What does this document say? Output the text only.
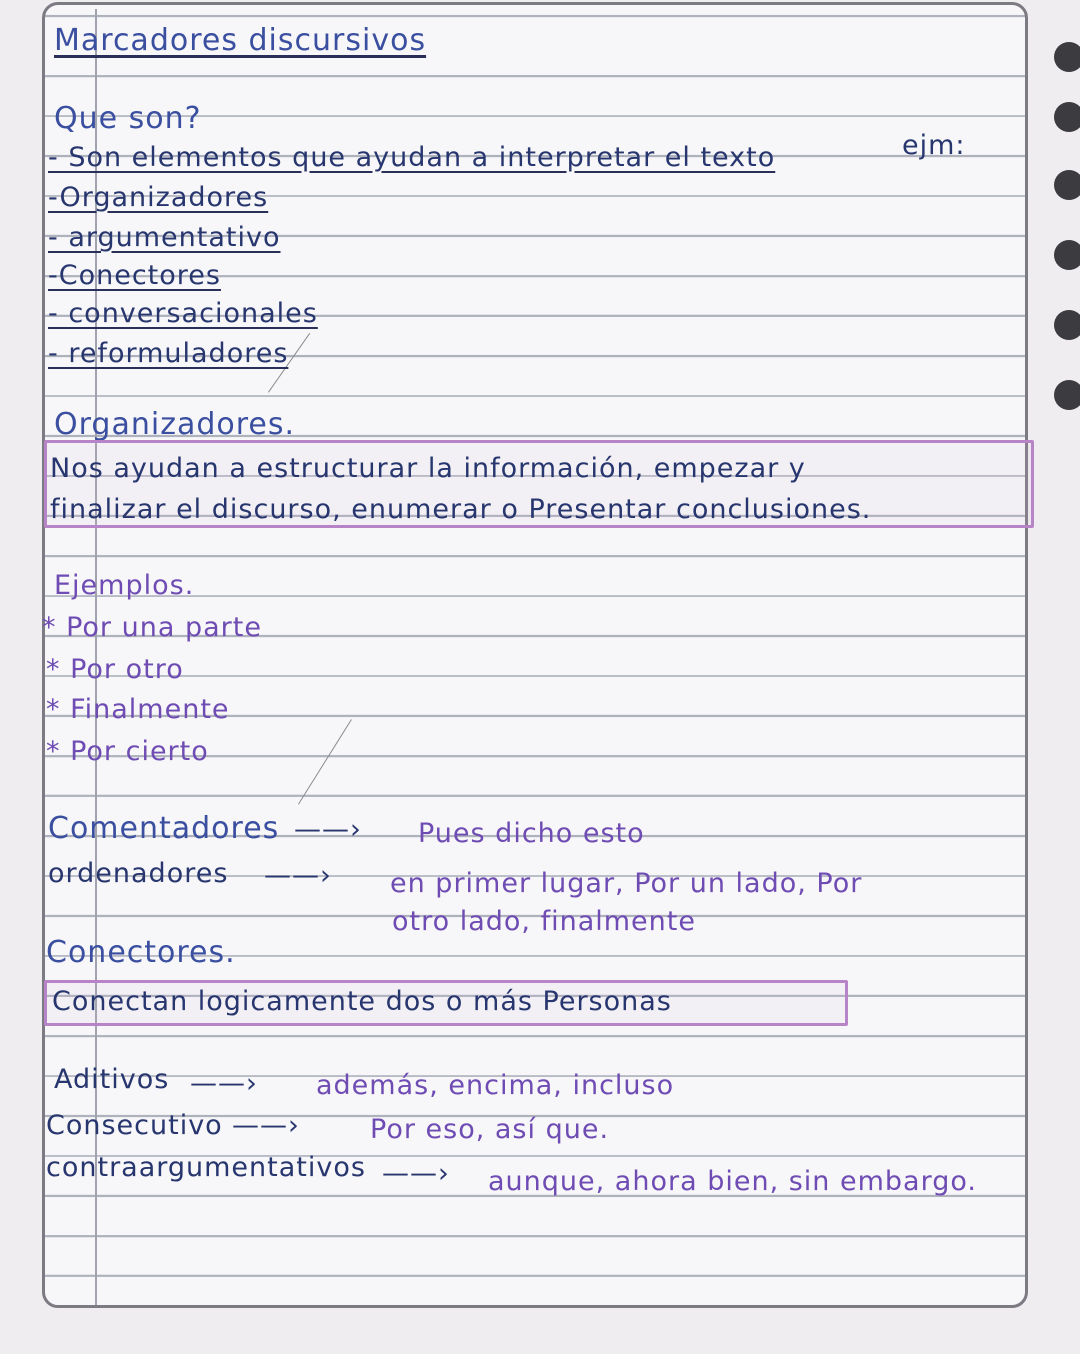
Marcadores discursivos
Que son?
- Son elementos que ayudan a interpretar el texto	ejm:
-Organizadores
- argumentativo
-Conectores
- conversacionales
- reformuladores
Organizadores.
Nos ayudan a estructurar la información, empezar y
finalizar el discurso, enumerar o Presentar conclusiones.
Ejemplos.
* Por una parte
* Por otro
* Finalmente
* Por cierto
Comentadores ——› Pues dicho esto
ordenadores ——› en primer lugar, Por un lado, Por
otro lado, finalmente
Conectores.
Conectan logicamente dos o más Personas
Aditivos ——› además, encima, incluso
Consecutivo ——›	Por eso, así que.
contraargumentativos ——› aunque, ahora bien, sin embargo.
